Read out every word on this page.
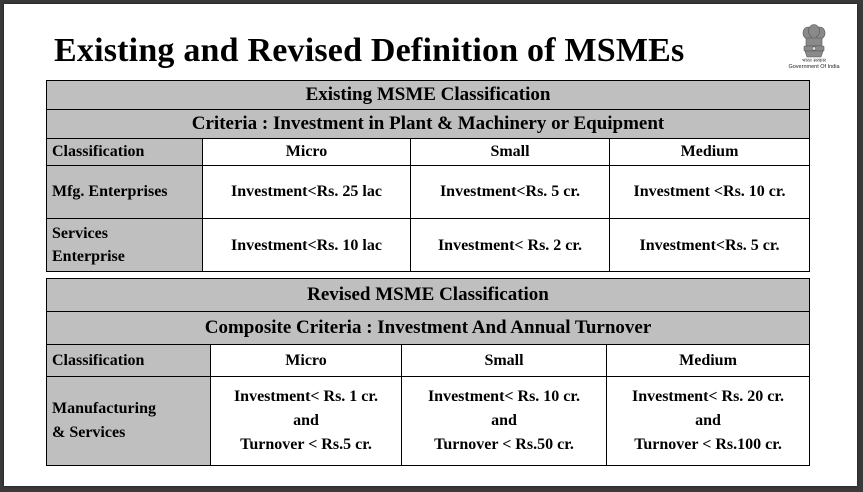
Existing and Revised Definition of MSMEs	भारत सरकार
Government Of India
Existing MSME Classification			
Criteria : Investment in Plant & Machinery or Equipment			
Classification	Micro	Small	Medium
Mfg. Enterprises	Investment<Rs. 25 lac	Investment<Rs. 5 cr.	Investment <Rs. 10 cr.

Services
Enterprise	Investment<Rs. 10 lac	Investment< Rs. 2 cr.	Investment<Rs. 5 cr.
Revised MSME Classification			
Composite Criteria : Investment And Annual Turnover			
Classification	Micro	Small	Medium

Manufacturing
& Services	Investment< Rs. 1 cr.
and
Turnover < Rs.5 cr.	Investment< Rs. 10 cr.
and
Turnover < Rs.50 cr.	Investment< Rs. 20 cr.
and
Turnover < Rs.100 cr.
